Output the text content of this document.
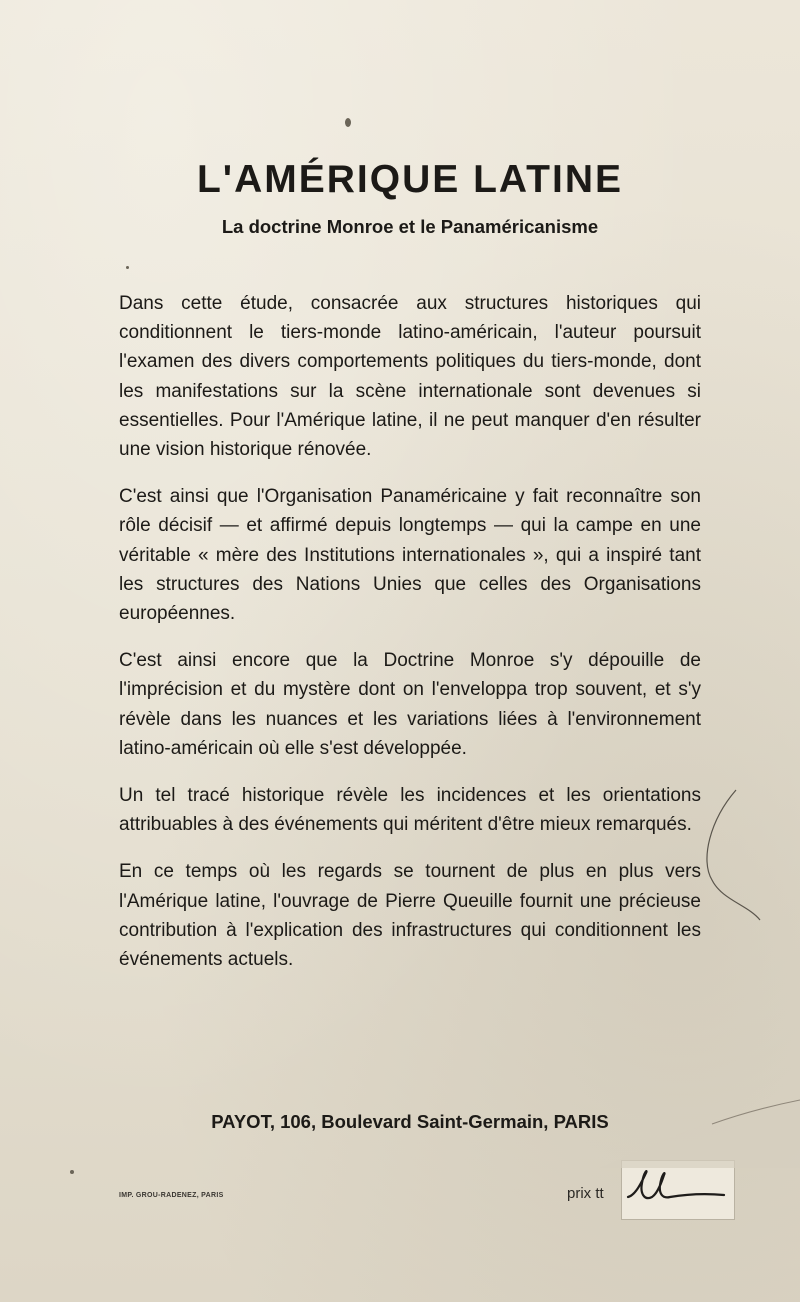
L'AMÉRIQUE LATINE
La doctrine Monroe et le Panaméricanisme

Dans cette étude, consacrée aux structures historiques qui conditionnent le tiers-monde latino-américain, l'auteur poursuit l'examen des divers comportements politiques du tiers-monde, dont les manifestations sur la scène internationale sont devenues si essentielles. Pour l'Amérique latine, il ne peut manquer d'en résulter une vision historique rénovée.

C'est ainsi que l'Organisation Panaméricaine y fait reconnaître son rôle décisif — et affirmé depuis longtemps — qui la campe en une véritable « mère des Institutions internationales », qui a inspiré tant les structures des Nations Unies que celles des Organisations européennes.

C'est ainsi encore que la Doctrine Monroe s'y dépouille de l'imprécision et du mystère dont on l'enveloppa trop souvent, et s'y révèle dans les nuances et les variations liées à l'environnement latino-américain où elle s'est développée.

Un tel tracé historique révèle les incidences et les orientations attribuables à des événements qui méritent d'être mieux remarqués.

En ce temps où les regards se tournent de plus en plus vers l'Amérique latine, l'ouvrage de Pierre Queuille fournit une précieuse contribution à l'explication des infrastructures qui conditionnent les événements actuels.

PAYOT, 106, Boulevard Saint-Germain, PARIS
IMP. GROU-RADENEZ, PARIS	prix tt
